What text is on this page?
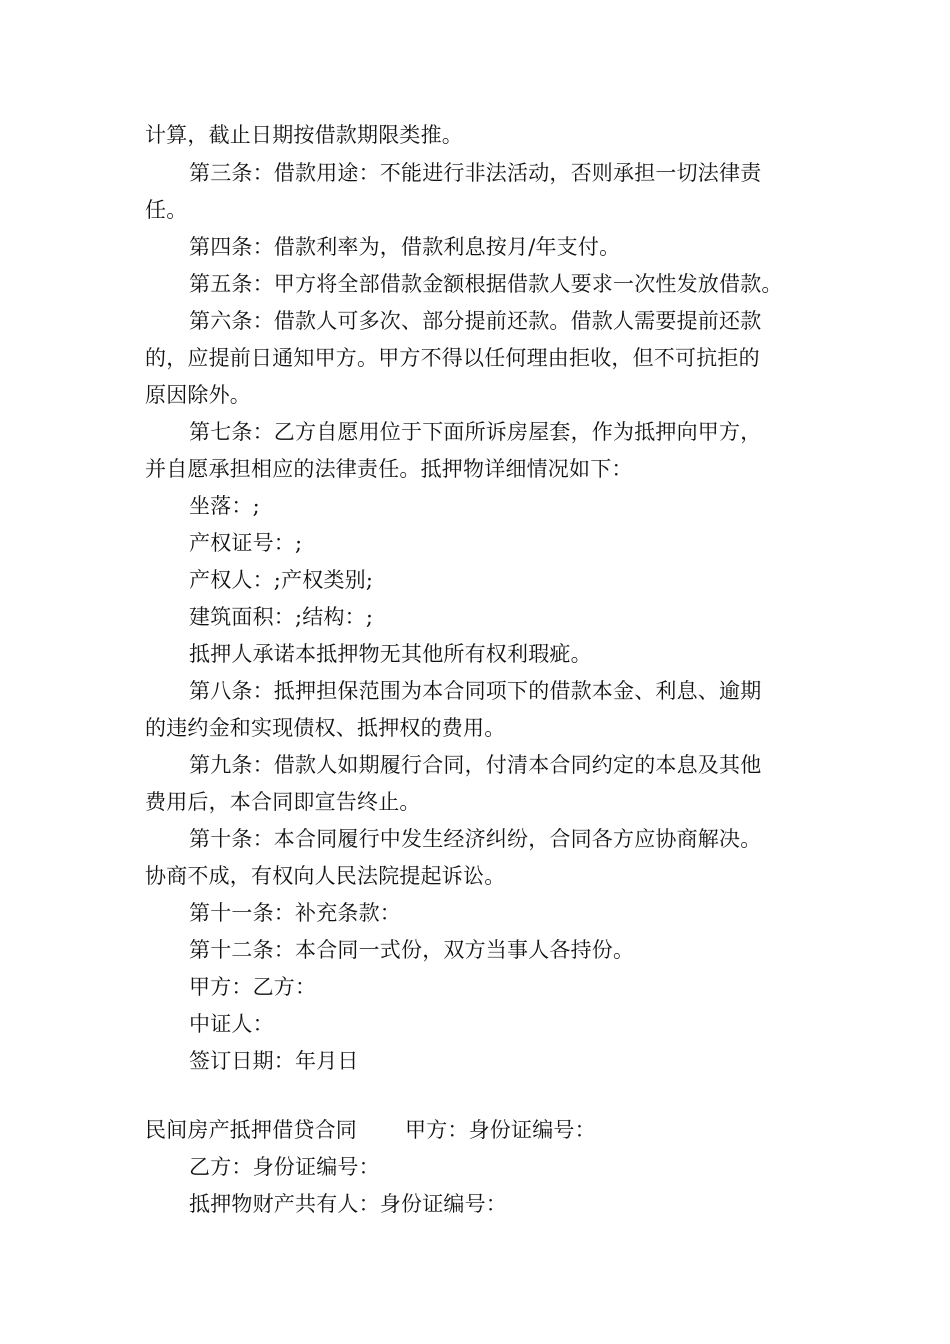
计算，截止日期按借款期限类推。
第三条：借款用途：不能进行非法活动，否则承担一切法律责
任。
第四条：借款利率为，借款利息按月/年支付。
第五条：甲方将全部借款金额根据借款人要求一次性发放借款。
第六条：借款人可多次、部分提前还款。借款人需要提前还款
的，应提前日通知甲方。甲方不得以任何理由拒收，但不可抗拒的
原因除外。
第七条：乙方自愿用位于下面所诉房屋套，作为抵押向甲方，
并自愿承担相应的法律责任。抵押物详细情况如下：
坐落：;
产权证号：;
产权人：;产权类别;
建筑面积：;结构：;
抵押人承诺本抵押物无其他所有权利瑕疵。
第八条：抵押担保范围为本合同项下的借款本金、利息、逾期
的违约金和实现债权、抵押权的费用。
第九条：借款人如期履行合同，付清本合同约定的本息及其他
费用后，本合同即宣告终止。
第十条：本合同履行中发生经济纠纷，合同各方应协商解决。
协商不成，有权向人民法院提起诉讼。
第十一条：补充条款：
第十二条：本合同一式份，双方当事人各持份。
甲方：乙方：
中证人：
签订日期：年月日
民间房产抵押借贷合同 甲方：身份证编号：
乙方：身份证编号：
抵押物财产共有人：身份证编号：
